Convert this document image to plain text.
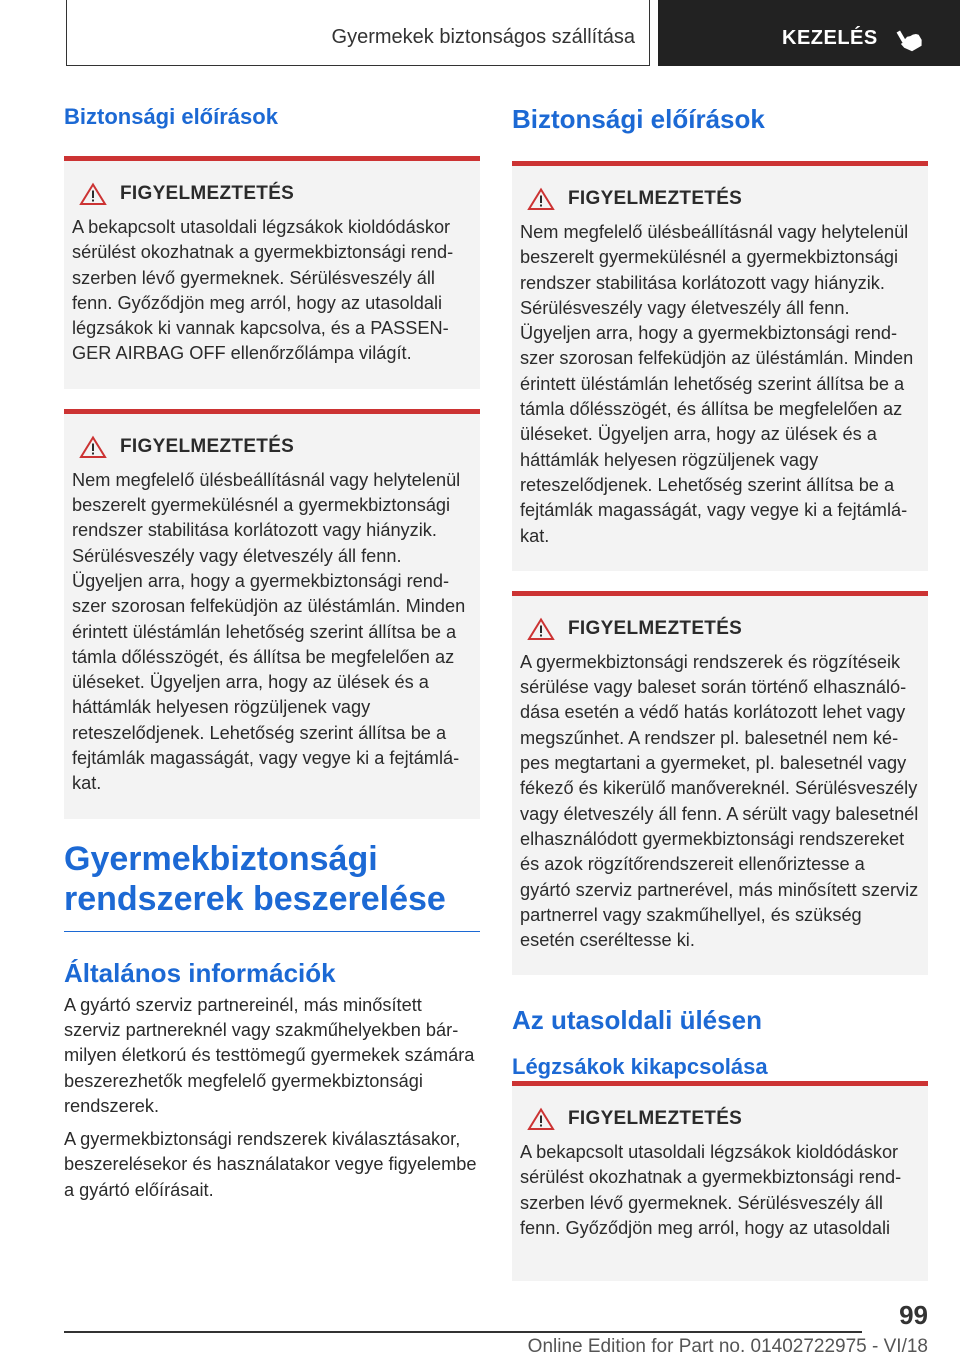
Gyermekek biztonságos szállítása	KEZELÉS
Biztonsági előírások
FIGYELMEZTETÉS
A bekapcsolt utasoldali légzsákok kioldódáskor sérülést okozhatnak a gyermekbiztonsági rendszerben lévő gyermeknek. Sérülésveszély áll fenn. Győződjön meg arról, hogy az utasoldali légzsákok ki vannak kapcsolva, és a PASSENGER AIRBAG OFF ellenőrzőlámpa világít.
FIGYELMEZTETÉS
Nem megfelelő ülésbeállításnál vagy helytelenül beszerelt gyermekülésnél a gyermekbiztonsági rendszer stabilitása korlátozott vagy hiányzik. Sérülésveszély vagy életveszély áll fenn. Ügyeljen arra, hogy a gyermekbiztonsági rendszer szorosan felfeküdjön az üléstámlán. Minden érintett üléstámlán lehetőség szerint állítsa be a támla dőlésszögét, és állítsa be megfelelően az üléseket. Ügyeljen arra, hogy az ülések és a háttámlák helyesen rögzüljenek vagy reteszelődjenek. Lehetőség szerint állítsa be a fejtámlák magasságát, vagy vegye ki a fejtámlákat.
Gyermekbiztonsági rendszerek beszerelése
Általános információk
A gyártó szerviz partnereinél, más minősített szerviz partnereknél vagy szakműhelyekben bármilyen életkorú és testtömegű gyermekek számára beszerezhetők megfelelő gyermekbiztonsági rendszerek.
A gyermekbiztonsági rendszerek kiválasztásakor, beszerelésekor és használatakor vegye figyelembe a gyártó előírásait.
Biztonsági előírások
FIGYELMEZTETÉS
Nem megfelelő ülésbeállításnál vagy helytelenül beszerelt gyermekülésnél a gyermekbiztonsági rendszer stabilitása korlátozott vagy hiányzik. Sérülésveszély vagy életveszély áll fenn. Ügyeljen arra, hogy a gyermekbiztonsági rendszer szorosan felfeküdjön az üléstámlán. Minden érintett üléstámlán lehetőség szerint állítsa be a támla dőlésszögét, és állítsa be megfelelően az üléseket. Ügyeljen arra, hogy az ülések és a háttámlák helyesen rögzüljenek vagy reteszelődjenek. Lehetőség szerint állítsa be a fejtámlák magasságát, vagy vegye ki a fejtámlákat.
FIGYELMEZTETÉS
A gyermekbiztonsági rendszerek és rögzítéseik sérülése vagy baleset során történő elhasználódása esetén a védő hatás korlátozott lehet vagy megszűnhet. A rendszer pl. balesetnél nem képes megtartani a gyermeket, pl. balesetnél vagy fékező és kikerülő manővereknél. Sérülésveszély vagy életveszély áll fenn. A sérült vagy balesetnél elhasználódott gyermekbiztonsági rendszereket és azok rögzítőrendszereit ellenőriztesse a gyártó szerviz partnerével, más minősített szerviz partnerrel vagy szakműhellyel, és szükség esetén cseréltesse ki.
Az utasoldali ülésen
Légzsákok kikapcsolása
FIGYELMEZTETÉS
A bekapcsolt utasoldali légzsákok kioldódáskor sérülést okozhatnak a gyermekbiztonsági rendszerben lévő gyermeknek. Sérülésveszély áll fenn. Győződjön meg arról, hogy az utasoldali
99
Online Edition for Part no. 01402722975 - VI/18
